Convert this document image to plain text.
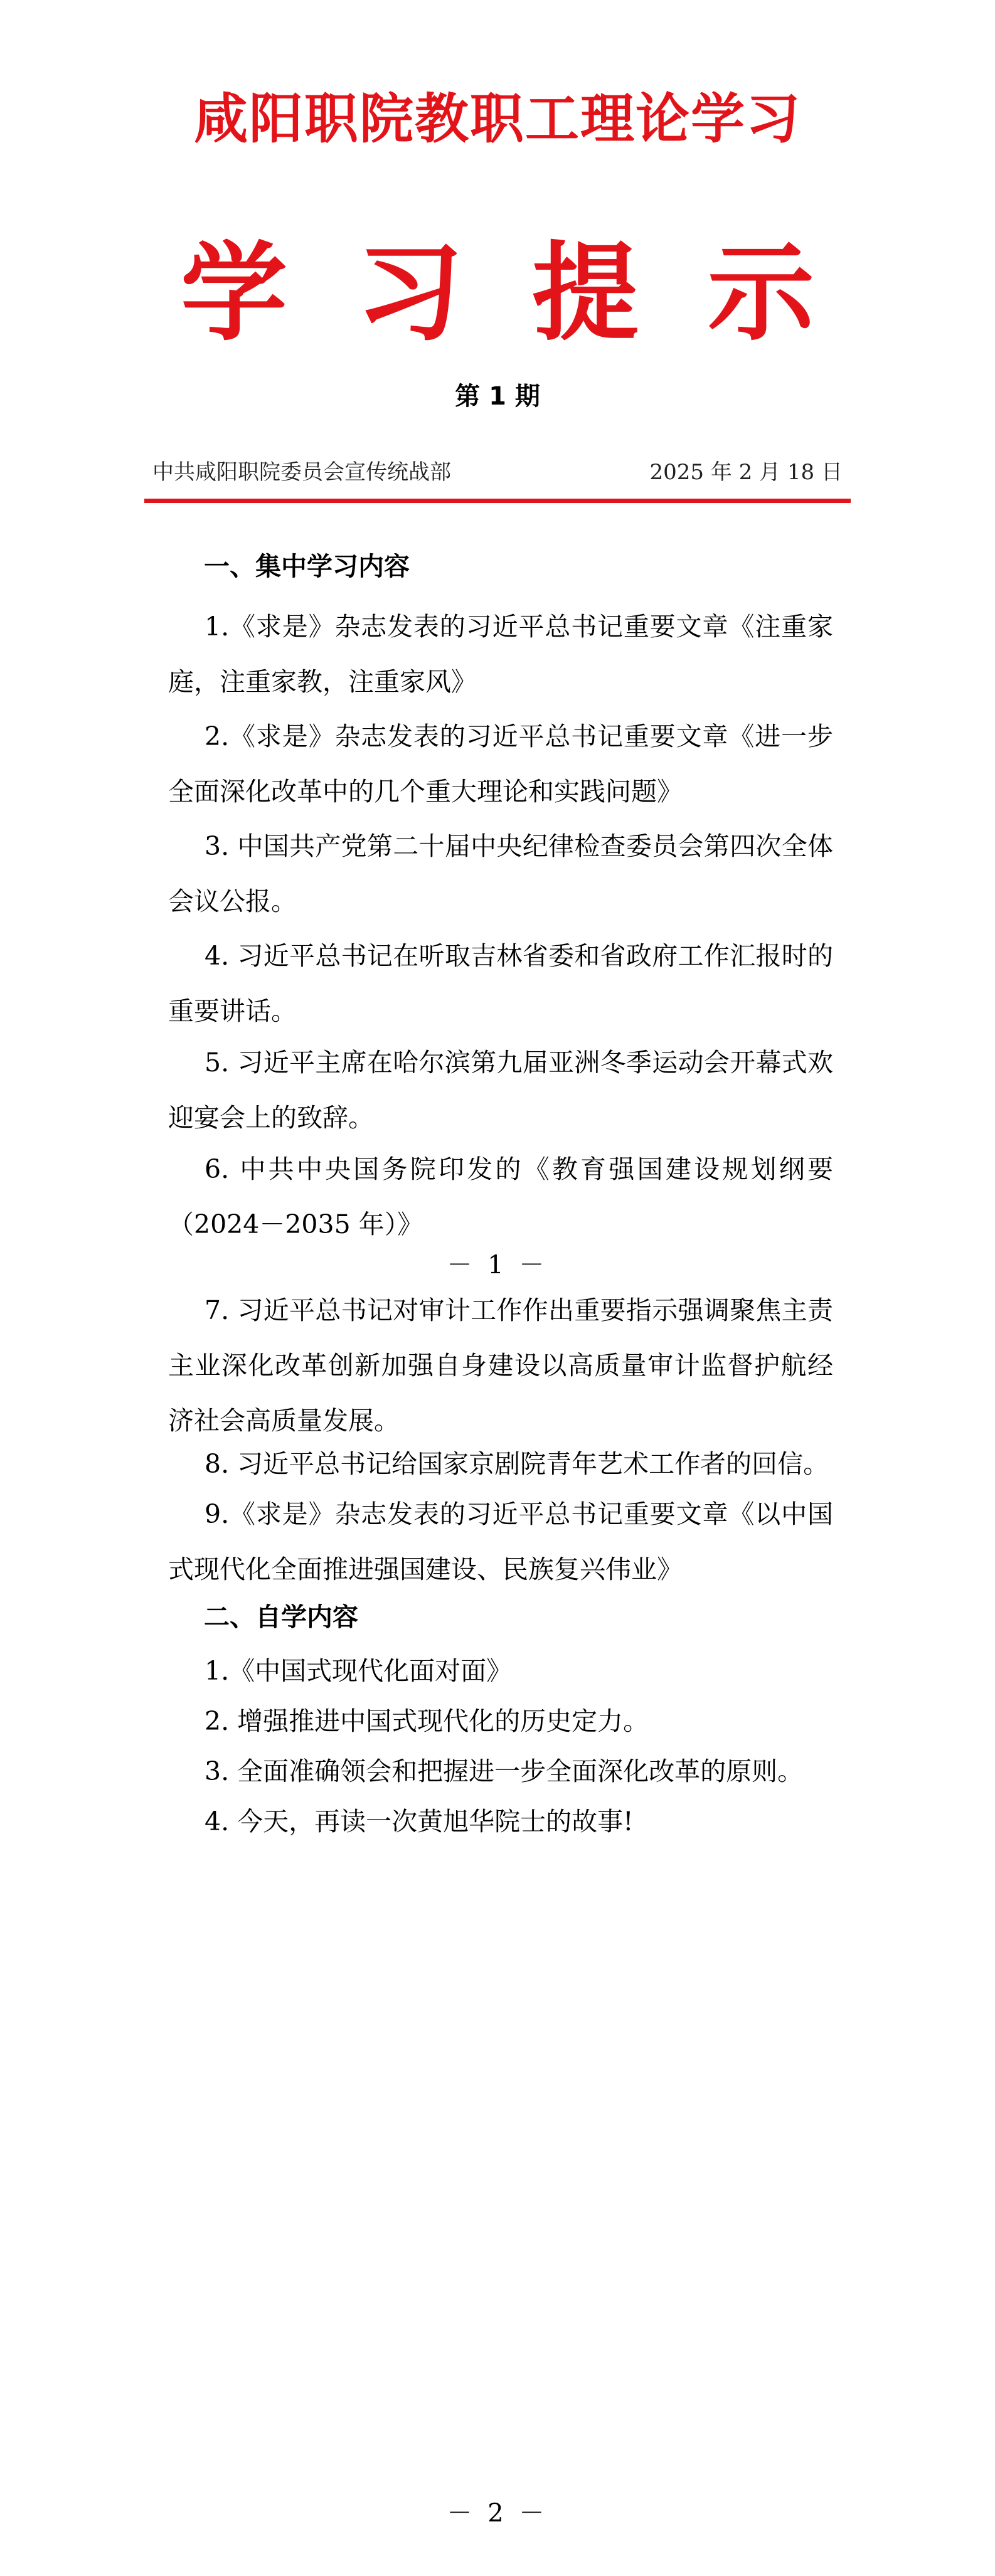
咸阳职院教职工理论学习
学习提示
第 1 期
中共咸阳职院委员会宣传统战部	2025 年 2 月 18 日
一、集中学习内容
1.《求是》杂志发表的习近平总书记重要文章《注重家庭，注重家教，注重家风》
2.《求是》杂志发表的习近平总书记重要文章《进一步全面深化改革中的几个重大理论和实践问题》
3. 中国共产党第二十届中央纪律检查委员会第四次全体会议公报。
4. 习近平总书记在听取吉林省委和省政府工作汇报时的重要讲话。
5. 习近平主席在哈尔滨第九届亚洲冬季运动会开幕式欢迎宴会上的致辞。
6. 中共中央国务院印发的《教育强国建设规划纲要（2024－2035 年）》
－ 1 －
7. 习近平总书记对审计工作作出重要指示强调聚焦主责主业深化改革创新加强自身建设以高质量审计监督护航经济社会高质量发展。
8. 习近平总书记给国家京剧院青年艺术工作者的回信。
9.《求是》杂志发表的习近平总书记重要文章《以中国式现代化全面推进强国建设、民族复兴伟业》
二、自学内容
1.《中国式现代化面对面》
2. 增强推进中国式现代化的历史定力。
3. 全面准确领会和把握进一步全面深化改革的原则。
4. 今天，再读一次黄旭华院士的故事!
－ 2 －
